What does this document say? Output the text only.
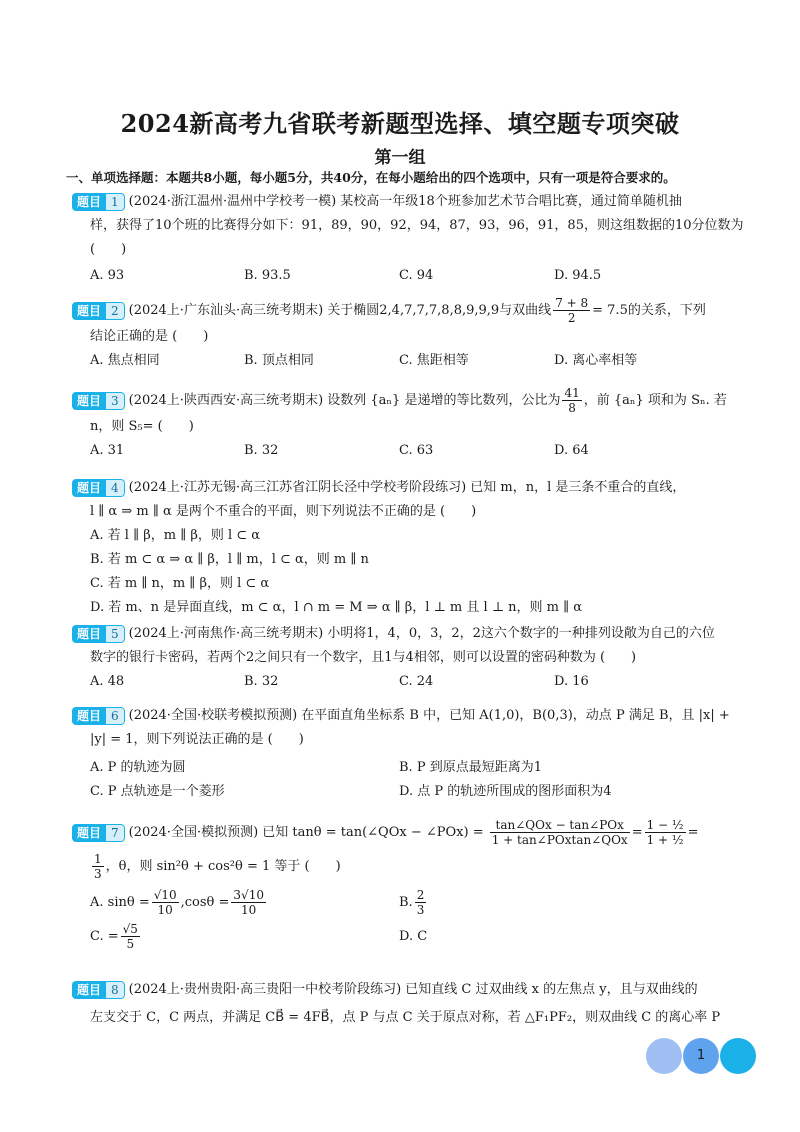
2024新高考九省联考新题型选择、填空题专项突破
第一组
一、单项选择题：本题共8小题，每小题5分，共40分，在每小题给出的四个选项中，只有一项是符合要求的。
题目 1 (2024·浙江温州·温州中学校考一模) 某校高一年级18个班参加艺术节合唱比赛，通过简单随机抽
样，获得了10个班的比赛得分如下：91，89，90，92，94，87，93，96，91，85，则这组数据的10分位数为
(　　)
A. 93	B. 93.5	C. 94	D. 94.5
题目 2 (2024上·广东汕头·高三统考期末) 关于椭圆2,4,7,7,7,8,8,9,9,9与双曲线 $\frac{7 + 8}{2} = 7.5$的关系，下列
结论正确的是 (　　)
A. 焦点相同	B. 顶点相同	C. 焦距相等	D. 离心率相等
题目 3 (2024上·陕西西安·高三统考期末) 设数列 {aₙ} 是递增的等比数列，公比为 $\frac{41}{8}$ ，前 {aₙ} 项和为 Sₙ. 若
n，则 S₅= (　　)
A. 31	B. 32	C. 63	D. 64
题目 4 (2024上·江苏无锡·高三江苏省江阴长泾中学校考阶段练习) 已知 m，n，l 是三条不重合的直线，
l ∥ α ⇒ m ∥ α 是两个不重合的平面，则下列说法不正确的是 (　　)
A. 若 l ∥ β，m ∥ β，则 l ⊂ α
B. 若 m ⊂ α ⇒ α ∥ β，l ∥ m，l ⊂ α，则 m ∥ n
C. 若 m ∥ n，m ∥ β，则 l ⊂ α
D. 若 m、n 是异面直线，m ⊂ α，l ∩ m = M ⇒ α ∥ β，l ⊥ m 且 l ⊥ n，则 m ∥ α
题目 5 (2024上·河南焦作·高三统考期末) 小明将1，4，0，3，2，2这六个数字的一种排列设敞为自己的六位
数字的银行卡密码，若两个2之间只有一个数字，且1与4相邻，则可以设置的密码种数为 (　　)
A. 48	B. 32	C. 24	D. 16
题目 6 (2024·全国·校联考模拟预测) 在平面直角坐标系 B 中，已知 A(1,0)，B(0,3)，动点 P 满足 B，且 |x| +
|y| = 1，则下列说法正确的是 (　　)
A. P 的轨迹为圆	B. P 到原点最短距离为1
C. P 点轨迹是一个菱形	D. 点 P 的轨迹所围成的图形面积为4
题目 7 (2024·全国·模拟预测) 已知 tanθ = tan(∠QOx − ∠POx) = $\frac{\text{tan∠QOx − tan∠POx}}{\text{1 + tan∠POxtan∠QOx}} = \frac{\text{1 − ½}}{\text{1 + ½}}$ =
$\frac{1}{3}$ ，θ，则 sin²θ + cos²θ = 1 等于 (　　)
A. $\sin\theta = \frac{√10}{10} ,\cos\theta = \frac{3√10}{10}$	B. $\frac{2}{3}$
C. = $\frac{√5}{5}$	D. C
题目 8 (2024上·贵州贵阳·高三贵阳一中校考阶段练习) 已知直线 C 过双曲线 x 的左焦点 y，且与双曲线的
左支交于 C，C 两点，并满足 CB⃗ = 4FB⃗，点 P 与点 C 关于原点对称，若 △F₁PF₂，则双曲线 C 的离心率 P
1
